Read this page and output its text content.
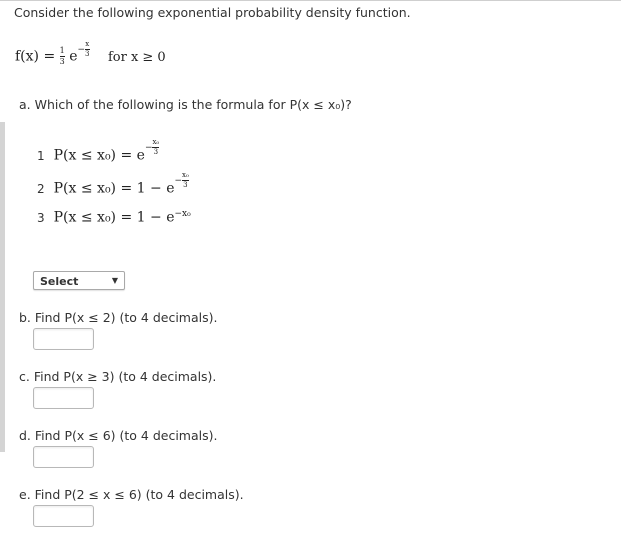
Consider the following exponential probability density function.
$f(x) = \frac{1}{3} e^{- \frac{x}{3}}$ for x ≥ 0
a. Which of the following is the formula for P(x ≤ x₀)?
1 $P(x \le x_0) = e^{- \frac{\text{x₀}}{3}}$
2 $P(x \le x_0) = 1 - e^{- \frac{\text{x₀}}{3}}$
3 $P(x \le x_0) = 1 - e^{-x_0}$
Select	▼
b. Find P(x ≤ 2) (to 4 decimals).
c. Find P(x ≥ 3) (to 4 decimals).
d. Find P(x ≤ 6) (to 4 decimals).
e. Find P(2 ≤ x ≤ 6) (to 4 decimals).
